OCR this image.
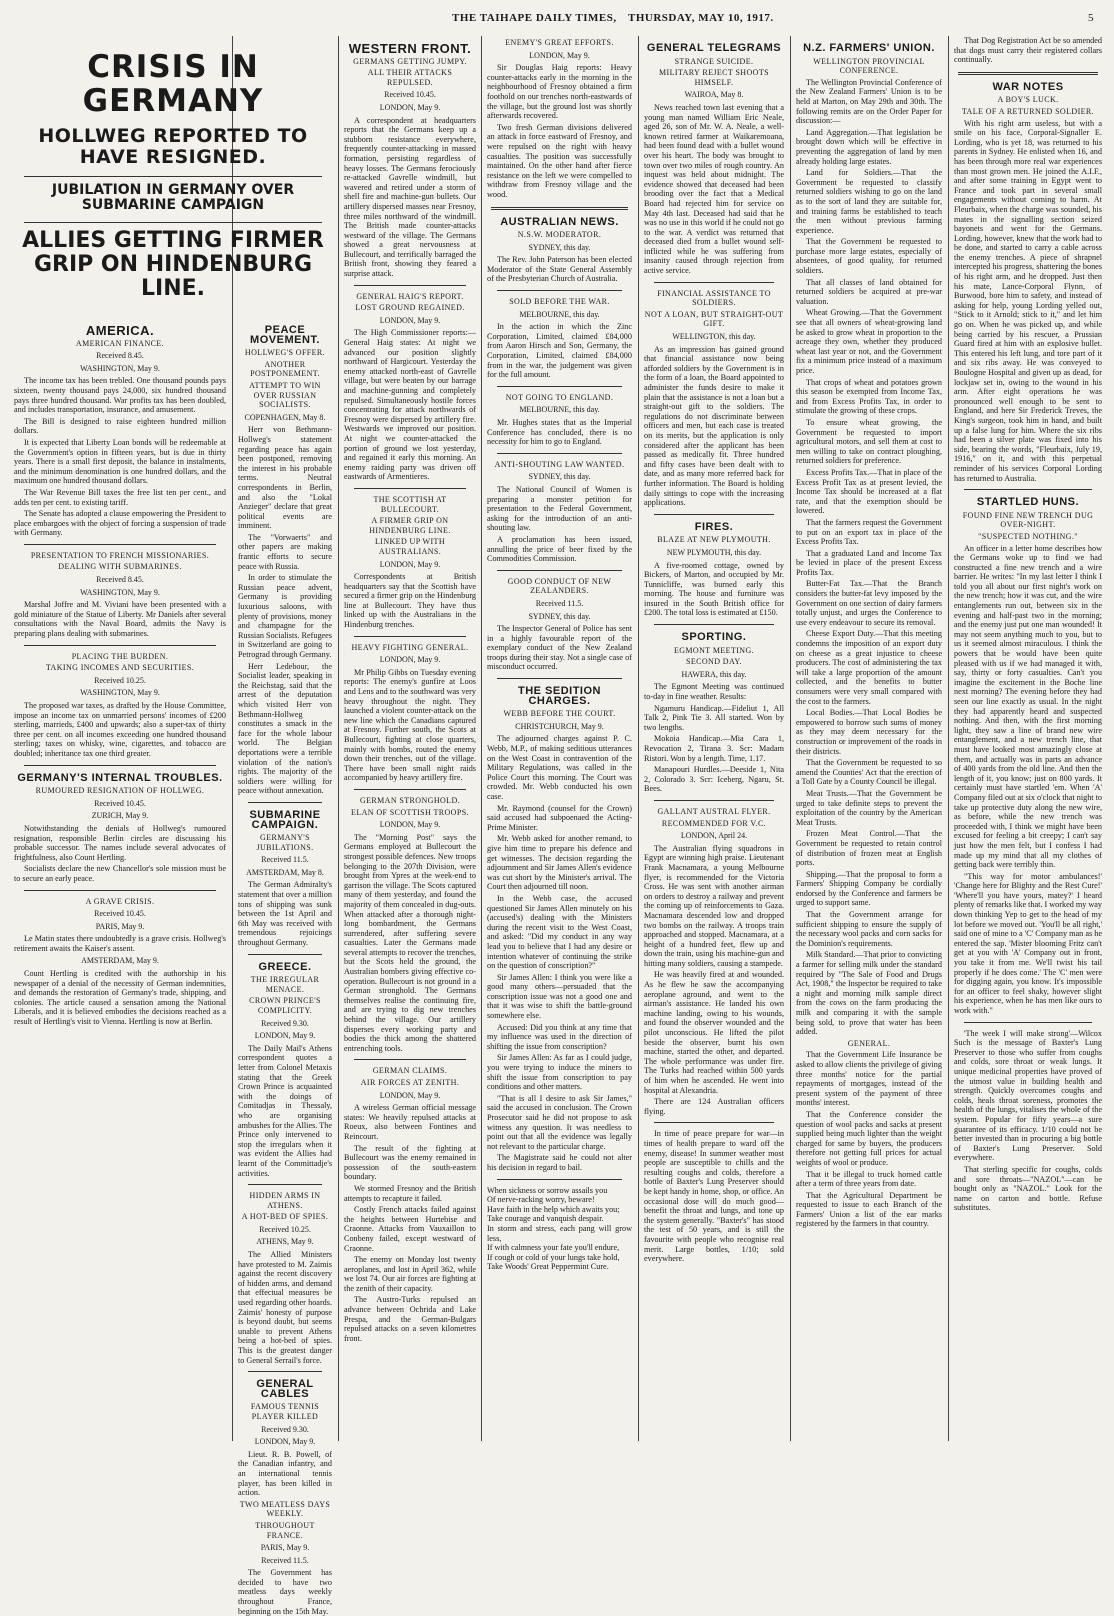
THE TAIHAPE DAILY TIMES, THURSDAY, MAY 10, 1917.	5
CRISIS IN GERMANY
HOLLWEG REPORTED TO HAVE RESIGNED.
JUBILATION IN GERMANY OVER SUBMARINE CAMPAIGN
ALLIES GETTING FIRMER GRIP ON HINDENBURG LINE.
AMERICA.
AMERICAN FINANCE.
Received 8.45.
WASHINGTON, May 9.

The income tax has been trebled. One thousand pounds pays sixteen, twenty thousand pays 24,000, six hundred thousand pays three hundred thousand. War profits tax has been doubled, and includes transportation, insurance, and amusement.

The Bill is designed to raise eighteen hundred million dollars.

It is expected that Liberty Loan bonds will be redeemable at the Government's option in fifteen years, but is due in thirty years. There is a small first deposit, the balance in instalments, and the minimum denomination is one hundred dollars, and the maximum one hundred thousand dollars.

The War Revenue Bill taxes the free list ten per cent., and adds ten per cent. to existing tariff.

The Senate has adopted a clause empowering the President to place embargoes with the object of forcing a suspension of trade with Germany.

PRESENTATION TO FRENCH MISSIONARIES.
DEALING WITH SUBMARINES.
Received 8.45.
WASHINGTON, May 9.

Marshal Joffre and M. Viviani have been presented with a gold miniature of the Statue of Liberty. Mr Daniels after several consultations with the Naval Board, admits the Navy is preparing plans dealing with submarines.

PLACING THE BURDEN.
TAKING INCOMES AND SECURITIES.
Received 10.25.
WASHINGTON, May 9.

The proposed war taxes, as drafted by the House Committee, impose an income tax on unmarried persons' incomes of £200 sterling, marrieds, £400 and upwards; also a super-tax of thirty three per cent. on all incomes exceeding one hundred thousand sterling; taxes on whisky, wine, cigarettes, and tobacco are doubled; inheritance tax one third greater.

GERMANY'S INTERNAL TROUBLES.
RUMOURED RESIGNATION OF HOLLWEG.
Received 10.45.
ZURICH, May 9.

Notwithstanding the denials of Hollweg's rumoured resignation, responsible Berlin circles are discussing his probable successor. The names include several advocates of frightfulness, also Count Hertling.

Socialists declare the new Chancellor's sole mission must be to secure an early peace.

A GRAVE CRISIS.
Received 10.45.
PARIS, May 9.

Le Matin states there undoubtedly is a grave crisis. Hollweg's retirement awaits the Kaiser's assent.

AMSTERDAM, May 9.

Count Hertling is credited with the authorship in his newspaper of a denial of the necessity of German indemnities, and demands the restoration of Germany's trade, shipping, and colonies. The article caused a sensation among the National Liberals, and it is believed embodies the decisions reached as a result of Hertling's visit to Vienna. Hertling is now at Berlin.

PEACE MOVEMENT.
HOLLWEG'S OFFER.
ANOTHER POSTPONEMENT.
ATTEMPT TO WIN OVER RUSSIAN SOCIALISTS.
COPENHAGEN, May 8.

Herr von Bethmann-Hollweg's statement regarding peace has again been postponed, removing the interest in his probable terms. Neutral correspondents in Berlin, and also the "Lokal Anzieger" declare that great political events are imminent.

The "Vorwaerts" and other papers are making frantic efforts to secure peace with Russia.

In order to stimulate the Russian peace advent, Germany is providing luxurious saloons, with plenty of provisions, money and champagne for the Russian Socialists. Refugees in Switzerland are going to Petrograd through Germany.

Herr Ledebour, the Socialist leader, speaking in the Reichstag, said that the arrest of the deputation which visited Herr von Bethmann-Hollweg constitutes a smack in the face for the whole labour world. The Belgian deportations were a terrible violation of the nation's rights. The majority of the soldiers were willing for peace without annexation.

SUBMARINE CAMPAIGN.
GERMANY'S JUBILATIONS.
Received 11.5.
AMSTERDAM, May 8.

The German Admiralty's statement that over a million tons of shipping was sunk between the 1st April and 6th May was received with tremendous rejoicings throughout Germany.

GREECE.
THE IRREGULAR MENACE.
CROWN PRINCE'S COMPLICITY.
Received 9.30.
LONDON, May 9.

The Daily Mail's Athens correspondent quotes a letter from Colonel Metaxis stating that the Greek Crown Prince is acquainted with the doings of Comitadjas in Thessaly, who are organising ambushes for the Allies. The Prince only intervened to stop the irregulars when it was evident the Allies had learnt of the Committadje's activities.

HIDDEN ARMS IN ATHENS.
A HOT-BED OF SPIES.
Received 10.25.
ATHENS, May 9.

The Allied Ministers have protested to M. Zaimis against the recent discovery of hidden arms, and demand that effectual measures be used regarding other hoards. Zaimis' honesty of purpose is beyond doubt, but seems unable to prevent Athens being a hot-bed of spies. This is the greatest danger to General Serrail's force.

GENERAL CABLES
FAMOUS TENNIS PLAYER KILLED
Received 9.30.
LONDON, May 9.

Lieut. R. B. Powell, of the Canadian infantry, and an international tennis player, has been killed in action.

TWO MEATLESS DAYS WEEKLY.
THROUGHOUT FRANCE.
PARIS, May 9.
Received 11.5.

The Government has decided to have two meatless days weekly throughout France, beginning on the 15th May.

WESTERN FRONT.
GERMANS GETTING JUMPY.
ALL THEIR ATTACKS REPULSED.
Received 10.45.
LONDON, May 9.

A correspondent at headquarters reports that the Germans keep up a stubborn resistance everywhere, frequently counter-attacking in massed formation, persisting regardless of heavy losses. The Germans ferociously re-attacked Gavrelle windmill, but wavered and retired under a storm of shell fire and machine-gun bullets. Our artillery dispersed masses near Fresnoy, three miles northward of the windmill. The British made counter-attacks westward of the village. The Germans showed a great nervousness at Bullecourt, and terrifically barraged the British front, showing they feared a surprise attack.

GENERAL HAIG'S REPORT.
LOST GROUND REGAINED.
LONDON, May 9.

The High Commissioner reports:—General Haig states: At night we advanced our position slightly northward of Hargicourt. Yesterday the enemy attacked north-east of Gavrelle village, but were beaten by our barrage and machine-gunning and completely repulsed. Simultaneously hostile forces concentrating for attack northwards of Fresnoy were dispersed by artillery fire. Westwards we improved our position. At night we counter-attacked the portion of ground we lost yesterday, and regained it early this morning. An enemy raiding party was driven off eastwards of Armentieres.

THE SCOTTISH AT BULLECOURT.
A FIRMER GRIP ON HINDENBURG LINE.
LINKED UP WITH AUSTRALIANS.
LONDON, May 9.

Correspondents at British headquarters say that the Scottish have secured a firmer grip on the Hindenburg line at Bullecourt. They have thus linked up with the Australians in the Hindenburg trenches.

HEAVY FIGHTING GENERAL.
LONDON, May 9.

Mr Philip Gibbs on Tuesday evening reports: The enemy's gunfire at Loos and Lens and to the southward was very heavy throughout the night. They launched a violent counter-attack on the new line which the Canadians captured at Fresnoy. Further south, the Scots at Bullecourt, fighting at close quarters, mainly with bombs, routed the enemy down their trenches, out of the village. There have been small night raids accompanied by heavy artillery fire.

GERMAN STRONGHOLD.
ELAN OF SCOTTISH TROOPS.
LONDON, May 9.

The "Morning Post" says the Germans employed at Bullecourt the strongest possible defences. New troops belonging to the 207th Division, were brought from Ypres at the week-end to garrison the village. The Scots captured many of them yesterday, and found the majority of them concealed in dug-outs. When attacked after a thorough night-long bombardment, the Germans surrendered, after suffering severe casualties. Later the Germans made several attempts to recover the trenches, but the Scots held the ground, the Australian bombers giving effective co-operation. Bullecourt is not ground in a German stronghold. The Germans themselves realise the continuing fire, and are trying to dig new trenches behind the village. Our artillery disperses every working party and bodies the thick among the shattered entrenching tools.

GERMAN CLAIMS.
AIR FORCES AT ZENITH.
LONDON, May 9.

A wireless German official message states: We heavily repulsed attacks at Roeux, also between Fontines and Reincourt.

The result of the fighting at Bullecourt was the enemy remained in possession of the south-eastern boundary.

We stormed Fresnoy and the British attempts to recapture it failed.

Costly French attacks failed against the heights between Hurtebise and Craonne. Attacks from Vauxaillon to Conbeny failed, except westward of Craonne.

The enemy on Monday lost twenty aeroplanes, and lost in April 362, while we lost 74. Our air forces are fighting at the zenith of their capacity.

The Austro-Turks repulsed an advance between Ochrida and Lake Prespa, and the German-Bulgars repulsed attacks on a seven kilometres front.

ENEMY'S GREAT EFFORTS.
LONDON, May 9.

Sir Douglas Haig reports: Heavy counter-attacks early in the morning in the neighbourhood of Fresnoy obtained a firm foothold on our trenches north-eastwards of the village, but the ground lost was shortly afterwards recovered.

Two fresh German divisions delivered an attack in force eastward of Fresnoy, and were repulsed on the right with heavy casualties. The position was successfully maintained. On the other hand after fierce resistance on the left we were compelled to withdraw from Fresnoy village and the wood.

AUSTRALIAN NEWS.
N.S.W. MODERATOR.
SYDNEY, this day.

The Rev. John Paterson has been elected Moderator of the State General Assembly of the Presbyterian Church of Australia.

SOLD BEFORE THE WAR.
MELBOURNE, this day.

In the action in which the Zinc Corporation, Limited, claimed £84,000 from Aaron Hirsch and Son, Germany, the Corporation, Limited, claimed £84,000 from in the war, the judgement was given for the full amount.

NOT GOING TO ENGLAND.
MELBOURNE, this day.

Mr. Hughes states that as the Imperial Conference has concluded, there is no necessity for him to go to England.

ANTI-SHOUTING LAW WANTED.
SYDNEY, this day.

The National Council of Women is preparing a monster petition for presentation to the Federal Government, asking for the introduction of an anti-shouting law.

A proclamation has been issued, annulling the price of beer fixed by the Commodities Commission.

GOOD CONDUCT OF NEW ZEALANDERS.
Received 11.5.
SYDNEY, this day.

The Inspector General of Police has sent in a highly favourable report of the exemplary conduct of the New Zealand troops during their stay. Not a single case of misconduct occurred.

THE SEDITION CHARGES.
WEBB BEFORE THE COURT.
CHRISTCHURCH, May 9.

The adjourned charges against P. C. Webb, M.P., of making seditious utterances on the West Coast in contravention of the Military Regulations, was called in the Police Court this morning. The Court was crowded. Mr. Webb conducted his own case.

Mr. Raymond (counsel for the Crown) said accused had subpoenaed the Acting-Prime Minister.

Mr. Webb asked for another remand, to give him time to prepare his defence and get witnesses. The decision regarding the adjournment and Sir James Allen's evidence was cut short by the Minister's arrival. The Court then adjourned till noon.

In the Webb case, the accused questioned Sir James Allen minutely on his (accused's) dealing with the Ministers during the recent visit to the West Coast, and asked: "Did my conduct in any way lead you to believe that I had any desire or intention whatever of continuing the strike on the question of conscription?"

Sir James Allen: I think you were like a good many others—persuaded that the conscription issue was not a good one and that it was wise to shift the battle-ground somewhere else.

Accused: Did you think at any time that my influence was used in the direction of shifting the issue from conscription?

Sir James Allen: As far as I could judge, you were trying to induce the miners to shift the issue from conscription to pay conditions and other matters.

"That is all I desire to ask Sir James," said the accused in conclusion. The Crown Prosecutor said he did not propose to ask witness any question. It was needless to point out that all the evidence was legally not relevant to the particular charge.

The Magistrate said he could not alter his decision in regard to bail.

When sickness or sorrow assails you
Of nerve-racking worry, beware!
Have faith in the help which awaits you;
Take courage and vanquish despair.
In storm and stress, each pang will grow less,
If with calmness your fate you'll endure,
If cough or cold of your lungs take hold,
Take Woods' Great Peppermint Cure.
GENERAL TELEGRAMS
STRANGE SUICIDE.
MILITARY REJECT SHOOTS HIMSELF.
WAIROA, May 8.

News reached town last evening that a young man named William Eric Neale, aged 26, son of Mr. W. A. Neale, a well-known retired farmer at Waikaremoana, had been found dead with a bullet wound over his heart. The body was brought to town over two miles of rough country. An inquest was held about midnight. The evidence showed that deceased had been brooding over the fact that a Medical Board had rejected him for service on May 4th last. Deceased had said that he was no use in this world if he could not go to the war. A verdict was returned that deceased died from a bullet wound self-inflicted while he was suffering from insanity caused through rejection from active service.

FINANCIAL ASSISTANCE TO SOLDIERS.
NOT A LOAN, BUT STRAIGHT-OUT GIFT.
WELLINGTON, this day.

As an impression has gained ground that financial assistance now being afforded soldiers by the Government is in the form of a loan, the Board appointed to administer the funds desire to make it plain that the assistance is not a loan but a straight-out gift to the soldiers. The regulations do not discriminate between officers and men, but each case is treated on its merits, but the application is only considered after the applicant has been passed as medically fit. Three hundred and fifty cases have been dealt with to date, and as many more referred back for further information. The Board is holding daily sittings to cope with the increasing applications.

FIRES.
BLAZE AT NEW PLYMOUTH.
NEW PLYMOUTH, this day.

A five-roomed cottage, owned by Bickers, of Marton, and occupied by Mr. Tunnicliffe, was burned early this morning. The house and furniture was insured in the South British office for £200. The total loss is estimated at £150.

SPORTING.
EGMONT MEETING.
SECOND DAY.
HAWERA, this day.

The Egmont Meeting was continued to-day in fine weather. Results:

Ngamuru Handicap.—Fideliut 1, All Talk 2, Pink Tie 3. All started. Won by two lengths.

Mokoia Handicap.—Mia Cara 1, Revocation 2, Tirana 3. Scr: Madam Ristori. Won by a length. Time, 1.17.

Manapouri Hurdles.—Deeside 1, Nita 2, Colorado 3. Scr: Iceberg, Ngaru, St. Bees.

GALLANT AUSTRAL FLYER.
RECOMMENDED FOR V.C.
LONDON, April 24.

The Australian flying squadrons in Egypt are winning high praise. Lieutenant Frank Macnamara, a young Melbourne flyer, is recommended for the Victoria Cross. He was sent with another airman on orders to destroy a railway and prevent the coming up of reinforcements to Gaza. Macnamara descended low and dropped two bombs on the railway. A troops train approached and stopped. Macnamara, at a height of a hundred feet, flew up and down the train, using his machine-gun and hitting many soldiers, causing a stampede.

He was heavily fired at and wounded. As he flew he saw the accompanying aeroplane aground, and went to the airman's assistance. He landed his own machine landing, owing to his wounds, and found the observer wounded and the pilot unconscious. He lifted the pilot beside the observer, burnt his own machine, started the other, and departed. The whole performance was under fire. The Turks had reached within 500 yards of him when he ascended. He went into hospital at Alexandria.

There are 124 Australian officers flying.

In time of peace prepare for war—in times of health prepare to ward off the enemy, disease! In summer weather most people are susceptible to chills and the resulting coughs and colds, therefore a bottle of Baxter's Lung Preserver should be kept handy in home, shop, or office. An occasional dose will do much good—benefit the throat and lungs, and tone up the system generally. "Baxter's" has stood the test of 50 years, and is still the favourite with people who recognise real merit. Large bottles, 1/10; sold everywhere.

N.Z. FARMERS' UNION.
WELLINGTON PROVINCIAL CONFERENCE.

The Wellington Provincial Conference of the New Zealand Farmers' Union is to be held at Marton, on May 29th and 30th. The following remits are on the Order Paper for discussion:—

Land Aggregation.—That legislation be brought down which will be effective in preventing the aggregation of land by men already holding large estates.

Land for Soldiers.—That the Government be requested to classify returned soldiers wishing to go on the land as to the sort of land they are suitable for, and training farms be established to teach the men without previous farming experience.

That the Government be requested to purchase more large estates, especially of absentees, of good quality, for returned soldiers.

That all classes of land obtained for returned soldiers be acquired at pre-war valuation.

Wheat Growing.—That the Government see that all owners of wheat-growing land be asked to grow wheat in proportion to the acreage they own, whether they produced wheat last year or not, and the Government fix a minimum price instead of a maximum price.

That crops of wheat and potatoes grown this season be exempted from Income Tax, and from Excess Profits Tax, in order to stimulate the growing of these crops.

To ensure wheat growing, the Government be requested to import agricultural motors, and sell them at cost to men willing to take on contract ploughing, returned soldiers for preference.

Excess Profits Tax.—That in place of the Excess Profit Tax as at present levied, the Income Tax should be increased at a flat rate, and that the exemption should be lowered.

That the farmers request the Government to put on an export tax in place of the Excess Profits Tax.

That a graduated Land and Income Tax be levied in place of the present Excess Profits Tax.

Butter-Fat Tax.—That the Branch considers the butter-fat levy imposed by the Government on one section of dairy farmers totally unjust, and urges the Conference to use every endeavour to secure its removal.

Cheese Export Duty.—That this meeting condemns the imposition of an export duty on cheese as a great injustice to cheese producers. The cost of administering the tax will take a large proportion of the amount collected, and the benefits to butter consumers were very small compared with the cost to the farmers.

Local Bodies.—That Local Bodies be empowered to borrow such sums of money as they may deem necessary for the construction or improvement of the roads in their districts.

That the Government be requested to so amend the Counties' Act that the erection of a Toll Gate by a County Council be illegal.

Meat Trusts.—That the Government be urged to take definite steps to prevent the exploitation of the country by the American Meat Trusts.

Frozen Meat Control.—That the Government be requested to retain control of distribution of frozen meat at English ports.

Shipping.—That the proposal to form a Farmers' Shipping Company be cordially endorsed by the Conference and farmers be urged to support same.

That the Government arrange for sufficient shipping to ensure the supply of the necessary wool packs and corn sacks for the Dominion's requirements.

Milk Standard.—That prior to convicting a farmer for selling milk under the standard required by "The Sale of Food and Drugs Act, 1908," the Inspector be required to take a night and morning milk sample direct from the cows on the farm producing the milk and comparing it with the sample being sold, to prove that water has been added.

GENERAL.

That the Government Life Insurance be asked to allow clients the privilege of giving three months' notice for the partial repayments of mortgages, instead of the present system of the payment of three months' interest.

That the Conference consider the question of wool packs and sacks at present supplied being much lighter than the weight charged for same by buyers, the producers therefore not getting full prices for actual weights of wool or produce.

That it be illegal to truck horned cattle after a term of three years from date.

That the Agricultural Department be requested to issue to each Branch of the Farmers' Union a list of the ear marks registered by the farmers in that country.

That Dog Registration Act be so amended that dogs must carry their registered collars continually.

WAR NOTES
A BOY'S LUCK.
TALE OF A RETURNED SOLDIER.

With his right arm useless, but with a smile on his face, Corporal-Signaller E. Lording, who is yet 18, was returned to his parents in Sydney. He enlisted when 16, and has been through more real war experiences than most grown men. He joined the A.I.F., and after some training in Egypt went to France and took part in several small engagements without coming to harm. At Fleurbaix, when the charge was sounded, his mates in the signalling section seized bayonets and went for the Germans. Lording, however, knew that the work had to be done, and started to carry a cable across the enemy trenches. A piece of shrapnel intercepted his progress, shattering the bones of his right arm, and he dropped. Just then his mate, Lance-Corporal Flynn, of Burwood, bore him to safety, and instead of asking for help, young Lording yelled out, "Stick to it Arnold; stick to it," and let him go on. When he was picked up, and while being carried by his rescuer, a Prussian Guard fired at him with an explosive bullet. This entered his left lung, and tore part of it and six ribs away. He was conveyed to Boulogne Hospital and given up as dead, for lockjaw set in, owing to the wound in his arm. After eight operations he was pronounced well enough to be sent to England, and here Sir Frederick Treves, the King's surgeon, took him in hand, and built up a false lung for him. Where the six ribs had been a silver plate was fixed into his side, bearing the words, "Fleurbaix, July 19, 1916," on it, and with this perpetual reminder of his services Corporal Lording has returned to Australia.

STARTLED HUNS.
FOUND FINE NEW TRENCH DUG OVER-NIGHT.
"SUSPECTED NOTHING."

An officer in a letter home describes how the Germans woke up to find we had constructed a fine new trench and a wire barrier. He writes: "In my last letter I think I told you all about our first night's work on the new trench; how it was cut, and the wire entanglements run out, between six in the evening and half-past two in the morning; and the enemy just put one man wounded! It may not seem anything much to you, but to us it seemed almost miraculous. I think the powers that be would have been quite pleased with us if we had managed it with, say, thirty or forty casualties. Can't you imagine the excitement in the Boche line next morning? The evening before they had seen our line exactly as usual. In the night they had apparently heard and suspected nothing. And then, with the first morning light, they saw a line of brand new wire entanglement, and a new trench line, that must have looked most amazingly close at them, and actually was in parts an advance of 400 yards from the old line. And then the length of it, you know; just on 800 yards. It certainly must have startled 'em. When 'A' Company filed out at six o'clock that night to take up protective duty along the new wire, as before, while the new trench was proceeded with, I think we might have been excused for feeling a bit creepy; I can't say just how the men felt, but I confess I had made up my mind that all my clothes of getting back were terribly thin.

"This way for motor ambulances!' 'Change here for Blighty and the Rest Cure!' 'Where'll you have yours, matey?' I heard plenty of remarks like that. I worked my way down thinking Yep to get to the head of my lot before we moved out. 'You'll be all right,' said one of mine to a 'C' Company man as he entered the sap. 'Mister blooming Fritz can't get at you with 'A' Company out in front, you take it from me. We'll twist his tail properly if he does come.' The 'C' men were for digging again, you know. It's impossible for an officer to feel shaky, however slight his experience, when he has men like ours to work with."

'The week I will make strong'—Wilcox Such is the message of Baxter's Lung Preserver to those who suffer from coughs and colds, sore throat or weak lungs. It unique medicinal properties have proved of the utmost value in building health and strength. Quickly overcomes coughs and colds, heals throat soreness, promotes the health of the lungs, vitalises the whole of the system. Popular for fifty years—a sure guarantee of its efficacy. 1/10 could not be better invested than in procuring a big bottle of Baxter's Lung Preserver. Sold everywhere.

That sterling specific for coughs, colds and sore throats—"NAZOL"—can be bought only as "NAZOL." Look for the name on carton and bottle. Refuse substitutes.
